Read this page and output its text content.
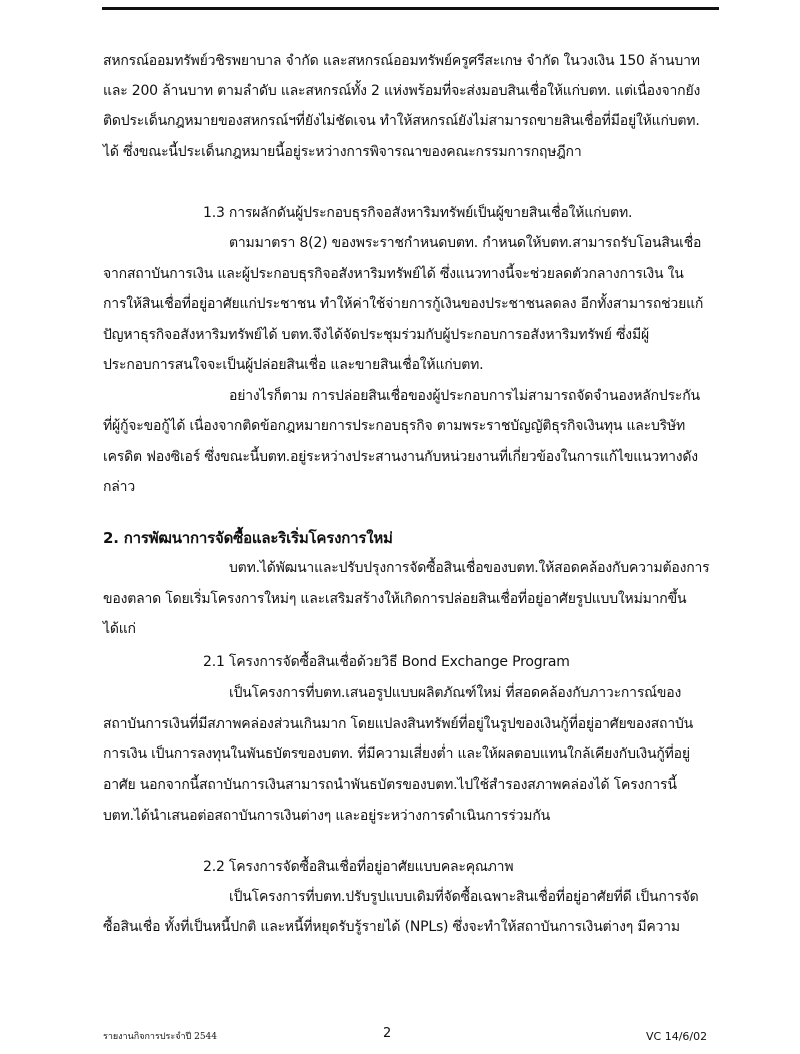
สหกรณ์ออมทรัพย์วชิรพยาบาล จำกัด และสหกรณ์ออมทรัพย์ครูศรีสะเกษ จำกัด ในวงเงิน 150 ล้านบาท
และ 200 ล้านบาท ตามลำดับ และสหกรณ์ทั้ง 2 แห่งพร้อมที่จะส่งมอบสินเชื่อให้แก่บตท. แต่เนื่องจากยัง
ติดประเด็นกฎหมายของสหกรณ์ฯที่ยังไม่ชัดเจน ทำให้สหกรณ์ยังไม่สามารถขายสินเชื่อที่มีอยู่ให้แก่บตท.
ได้ ซึ่งขณะนี้ประเด็นกฎหมายนี้อยู่ระหว่างการพิจารณาของคณะกรรมการกฤษฎีกา
1.3 การผลักดันผู้ประกอบธุรกิจอสังหาริมทรัพย์เป็นผู้ขายสินเชื่อให้แก่บตท.
ตามมาตรา 8(2) ของพระราชกำหนดบตท. กำหนดให้บตท.สามารถรับโอนสินเชื่อ
จากสถาบันการเงิน และผู้ประกอบธุรกิจอสังหาริมทรัพย์ได้ ซึ่งแนวทางนี้จะช่วยลดตัวกลางการเงิน ใน
การให้สินเชื่อที่อยู่อาศัยแก่ประชาชน ทำให้ค่าใช้จ่ายการกู้เงินของประชาชนลดลง อีกทั้งสามารถช่วยแก้
ปัญหาธุรกิจอสังหาริมทรัพย์ได้ บตท.จึงได้จัดประชุมร่วมกับผู้ประกอบการอสังหาริมทรัพย์ ซึ่งมีผู้
ประกอบการสนใจจะเป็นผู้ปล่อยสินเชื่อ และขายสินเชื่อให้แก่บตท.
อย่างไรก็ตาม การปล่อยสินเชื่อของผู้ประกอบการไม่สามารถจัดจำนองหลักประกัน
ที่ผู้กู้จะขอกู้ได้ เนื่องจากติดข้อกฎหมายการประกอบธุรกิจ ตามพระราชบัญญัติธุรกิจเงินทุน และบริษัท
เครดิต ฟองซิเอร์ ซึ่งขณะนี้บตท.อยู่ระหว่างประสานงานกับหน่วยงานที่เกี่ยวข้องในการแก้ไขแนวทางดัง
กล่าว
2. การพัฒนาการจัดซื้อและริเริ่มโครงการใหม่
บตท.ได้พัฒนาและปรับปรุงการจัดซื้อสินเชื่อของบตท.ให้สอดคล้องกับความต้องการ
ของตลาด โดยเริ่มโครงการใหม่ๆ และเสริมสร้างให้เกิดการปล่อยสินเชื่อที่อยู่อาศัยรูปแบบใหม่มากขึ้น
ได้แก่
2.1 โครงการจัดซื้อสินเชื่อด้วยวิธี Bond Exchange Program
เป็นโครงการที่บตท.เสนอรูปแบบผลิตภัณฑ์ใหม่ ที่สอดคล้องกับภาวะการณ์ของ
สถาบันการเงินที่มีสภาพคล่องส่วนเกินมาก โดยแปลงสินทรัพย์ที่อยู่ในรูปของเงินกู้ที่อยู่อาศัยของสถาบัน
การเงิน เป็นการลงทุนในพันธบัตรของบตท. ที่มีความเสี่ยงต่ำ และให้ผลตอบแทนใกล้เคียงกับเงินกู้ที่อยู่
อาศัย นอกจากนี้สถาบันการเงินสามารถนำพันธบัตรของบตท.ไปใช้สำรองสภาพคล่องได้ โครงการนี้
บตท.ได้นำเสนอต่อสถาบันการเงินต่างๆ และอยู่ระหว่างการดำเนินการร่วมกัน
2.2 โครงการจัดซื้อสินเชื่อที่อยู่อาศัยแบบคละคุณภาพ
เป็นโครงการที่บตท.ปรับรูปแบบเดิมที่จัดซื้อเฉพาะสินเชื่อที่อยู่อาศัยที่ดี เป็นการจัด
ซื้อสินเชื่อ ทั้งที่เป็นหนี้ปกติ และหนี้ที่หยุดรับรู้รายได้ (NPLs) ซึ่งจะทำให้สถาบันการเงินต่างๆ มีความ
รายงานกิจการประจำปี 2544	2	VC 14/6/02
